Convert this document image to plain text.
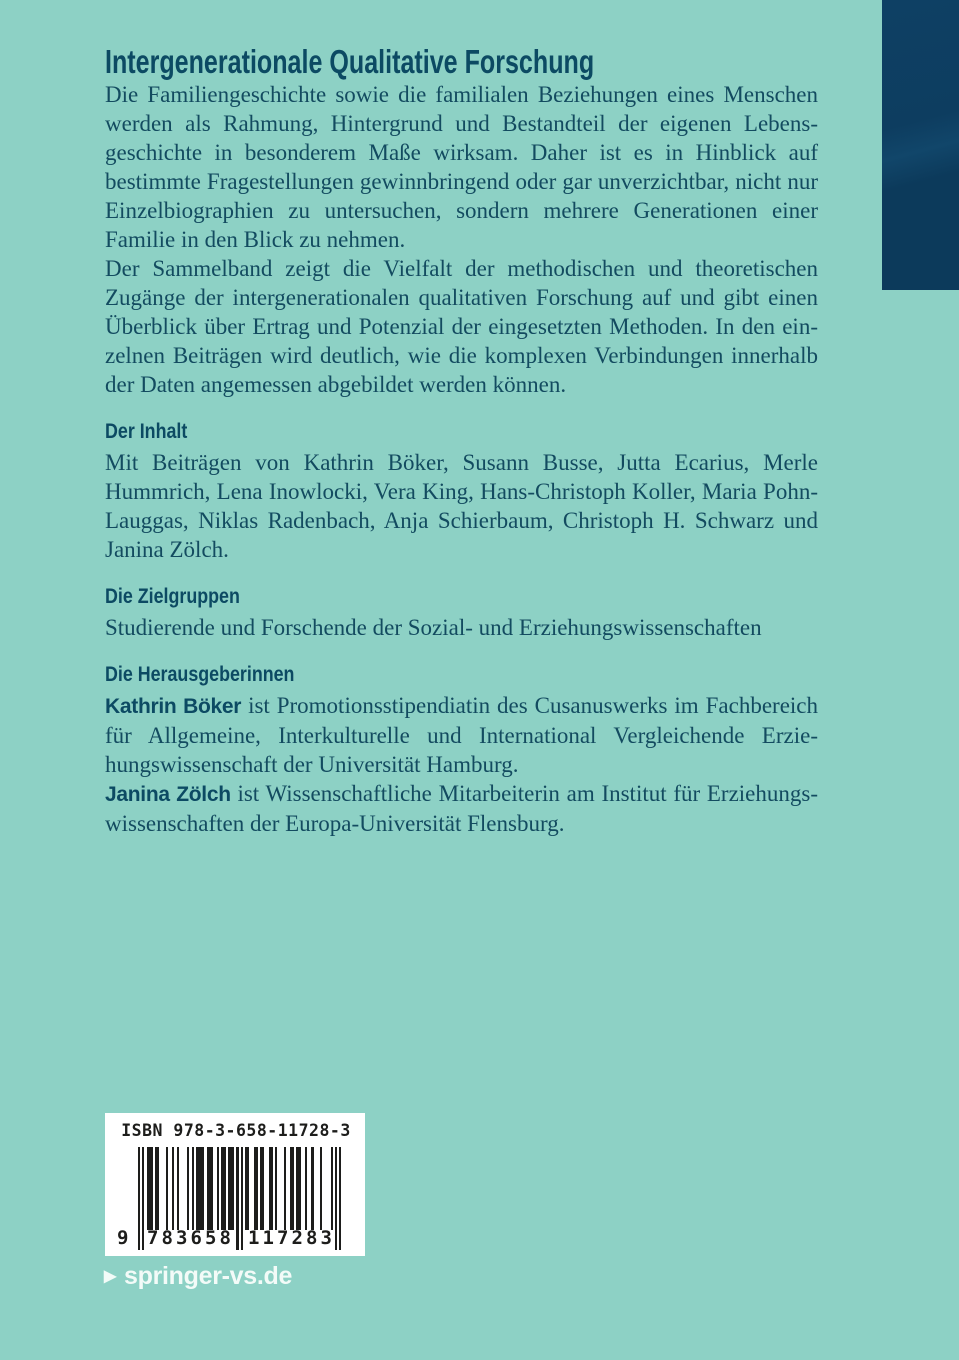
Intergenerationale Qualitative Forschung

Die Familiengeschichte sowie die familialen Beziehungen eines Menschen werden als Rahmung, Hintergrund und Bestandteil der eigenen Lebensgeschichte in besonderem Maße wirksam. Daher ist es in Hinblick auf bestimmte Fragestellungen gewinnbringend oder gar unverzichtbar, nicht nur Einzelbiographien zu untersuchen, sondern mehrere Generationen einer Familie in den Blick zu nehmen.

Der Sammelband zeigt die Vielfalt der methodischen und theoretischen Zugänge der intergenerationalen qualitativen Forschung auf und gibt einen Überblick über Ertrag und Potenzial der eingesetzten Methoden. In den einzelnen Beiträgen wird deutlich, wie die komplexen Verbindungen innerhalb der Daten angemessen abgebildet werden können.

Der Inhalt

Mit Beiträgen von Kathrin Böker, Susann Busse, Jutta Ecarius, Merle Hummrich, Lena Inowlocki, Vera King, Hans-Christoph Koller, Maria Pohn-Lauggas, Niklas Radenbach, Anja Schierbaum, Christoph H. Schwarz und Janina Zölch.

Die Zielgruppen

Studierende und Forschende der Sozial- und Erziehungswissenschaften

Die Herausgeberinnen

Kathrin Böker ist Promotionsstipendiatin des Cusanuswerks im Fachbereich für Allgemeine, Interkulturelle und International Vergleichende Erziehungswissenschaft der Universität Hamburg.

Janina Zölch ist Wissenschaftliche Mitarbeiterin am Institut für Erziehungswissenschaften der Europa-Universität Flensburg.

ISBN 978-3-658-11728-3
9 7 8 3 6 5 8 1 1 7 2 8 3
▶ springer-vs.de
